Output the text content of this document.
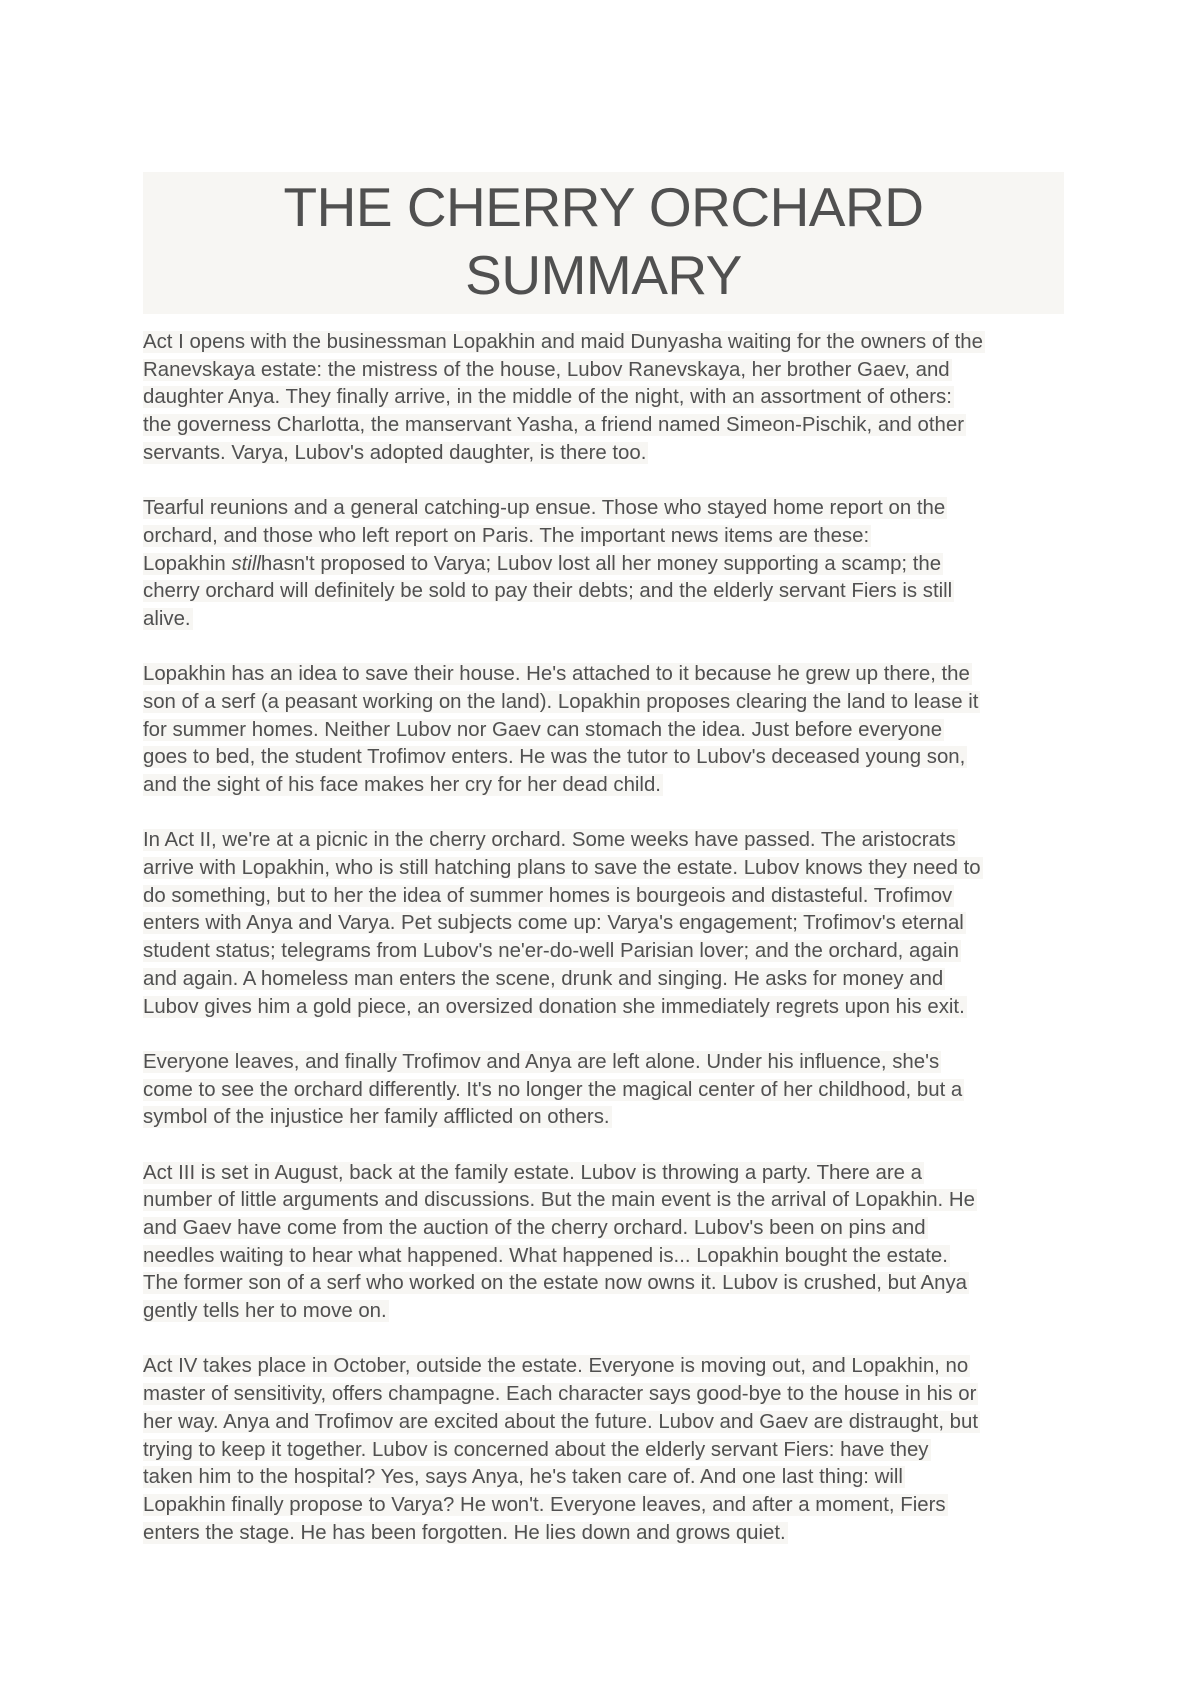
THE CHERRY ORCHARD
SUMMARY
Act I opens with the businessman Lopakhin and maid Dunyasha waiting for the owners of the
Ranevskaya estate: the mistress of the house, Lubov Ranevskaya, her brother Gaev, and
daughter Anya. They finally arrive, in the middle of the night, with an assortment of others:
the governess Charlotta, the manservant Yasha, a friend named Simeon-Pischik, and other
servants. Varya, Lubov's adopted daughter, is there too.
Tearful reunions and a general catching-up ensue. Those who stayed home report on the
orchard, and those who left report on Paris. The important news items are these:
Lopakhin stillhasn't proposed to Varya; Lubov lost all her money supporting a scamp; the
cherry orchard will definitely be sold to pay their debts; and the elderly servant Fiers is still
alive.
Lopakhin has an idea to save their house. He's attached to it because he grew up there, the
son of a serf (a peasant working on the land). Lopakhin proposes clearing the land to lease it
for summer homes. Neither Lubov nor Gaev can stomach the idea. Just before everyone
goes to bed, the student Trofimov enters. He was the tutor to Lubov's deceased young son,
and the sight of his face makes her cry for her dead child.
In Act II, we're at a picnic in the cherry orchard. Some weeks have passed. The aristocrats
arrive with Lopakhin, who is still hatching plans to save the estate. Lubov knows they need to
do something, but to her the idea of summer homes is bourgeois and distasteful. Trofimov
enters with Anya and Varya. Pet subjects come up: Varya's engagement; Trofimov's eternal
student status; telegrams from Lubov's ne'er-do-well Parisian lover; and the orchard, again
and again. A homeless man enters the scene, drunk and singing. He asks for money and
Lubov gives him a gold piece, an oversized donation she immediately regrets upon his exit.
Everyone leaves, and finally Trofimov and Anya are left alone. Under his influence, she's
come to see the orchard differently. It's no longer the magical center of her childhood, but a
symbol of the injustice her family afflicted on others.
Act III is set in August, back at the family estate. Lubov is throwing a party. There are a
number of little arguments and discussions. But the main event is the arrival of Lopakhin. He
and Gaev have come from the auction of the cherry orchard. Lubov's been on pins and
needles waiting to hear what happened. What happened is... Lopakhin bought the estate.
The former son of a serf who worked on the estate now owns it. Lubov is crushed, but Anya
gently tells her to move on.
Act IV takes place in October, outside the estate. Everyone is moving out, and Lopakhin, no
master of sensitivity, offers champagne. Each character says good-bye to the house in his or
her way. Anya and Trofimov are excited about the future. Lubov and Gaev are distraught, but
trying to keep it together. Lubov is concerned about the elderly servant Fiers: have they
taken him to the hospital? Yes, says Anya, he's taken care of. And one last thing: will
Lopakhin finally propose to Varya? He won't. Everyone leaves, and after a moment, Fiers
enters the stage. He has been forgotten. He lies down and grows quiet.
